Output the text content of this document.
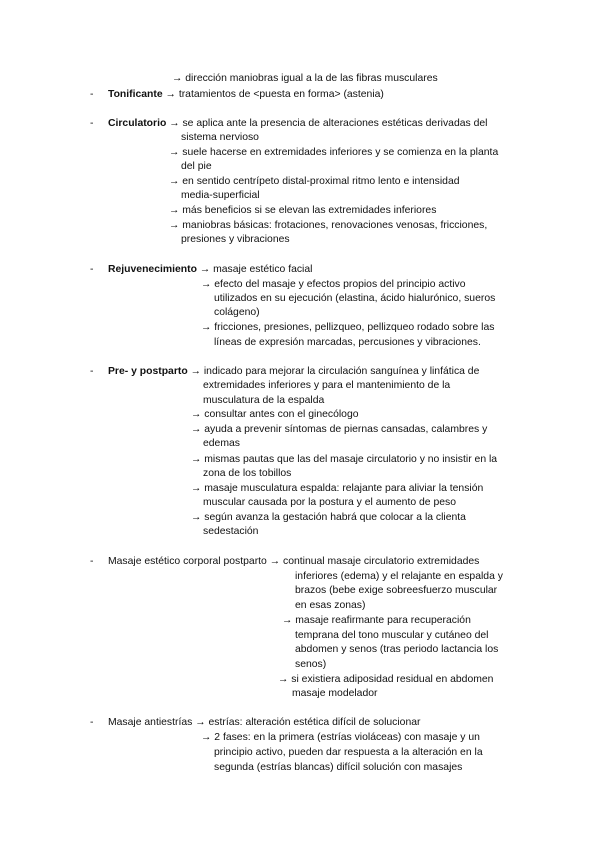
→ dirección maniobras igual a la de las fibras musculares
- Tonificante → tratamientos de <puesta en forma> (astenia)
- Circulatorio → se aplica ante la presencia de alteraciones estéticas derivadas del
sistema nervioso
→ suele hacerse en extremidades inferiores y se comienza en la planta
del pie
→ en sentido centrípeto distal-proximal ritmo lento e intensidad
media-superficial
→ más beneficios si se elevan las extremidades inferiores
→ maniobras básicas: frotaciones, renovaciones venosas, fricciones,
presiones y vibraciones
- Rejuvenecimiento → masaje estético facial
→ efecto del masaje y efectos propios del principio activo
utilizados en su ejecución (elastina, ácido hialurónico, sueros
colágeno)
→ fricciones, presiones, pellizqueo, pellizqueo rodado sobre las
líneas de expresión marcadas, percusiones y vibraciones.
- Pre- y postparto → indicado para mejorar la circulación sanguínea y linfática de
extremidades inferiores y para el mantenimiento de la
musculatura de la espalda
→ consultar antes con el ginecólogo
→ ayuda a prevenir síntomas de piernas cansadas, calambres y
edemas
→ mismas pautas que las del masaje circulatorio y no insistir en la
zona de los tobillos
→ masaje musculatura espalda: relajante para aliviar la tensión
muscular causada por la postura y el aumento de peso
→ según avanza la gestación habrá que colocar a la clienta
sedestación
- Masaje estético corporal postparto → continual masaje circulatorio extremidades
inferiores (edema) y el relajante en espalda y
brazos (bebe exige sobreesfuerzo muscular
en esas zonas)
→ masaje reafirmante para recuperación
temprana del tono muscular y cutáneo del
abdomen y senos (tras periodo lactancia los
senos)
→ si existiera adiposidad residual en abdomen
masaje modelador
- Masaje antiestrías → estrías: alteración estética difícil de solucionar
→ 2 fases: en la primera (estrías violáceas) con masaje y un
principio activo, pueden dar respuesta a la alteración en la
segunda (estrías blancas) difícil solución con masajes
